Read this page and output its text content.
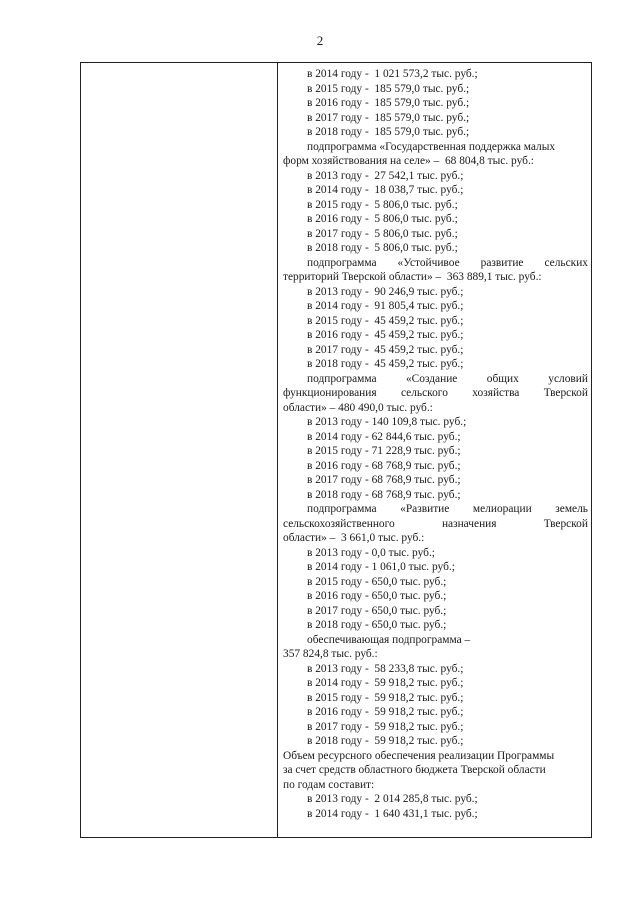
2
в 2014 году -  1 021 573,2 тыс. руб.;
в 2015 году -  185 579,0 тыс. руб.;
в 2016 году -  185 579,0 тыс. руб.;
в 2017 году -  185 579,0 тыс. руб.;
в 2018 году -  185 579,0 тыс. руб.;
подпрограмма «Государственная поддержка малых
форм хозяйствования на селе» –  68 804,8 тыс. руб.:
в 2013 году -  27 542,1 тыс. руб.;
в 2014 году -  18 038,7 тыс. руб.;
в 2015 году -  5 806,0 тыс. руб.;
в 2016 году -  5 806,0 тыс. руб.;
в 2017 году -  5 806,0 тыс. руб.;
в 2018 году -  5 806,0 тыс. руб.;
подпрограмма «Устойчивое развитие сельских
территорий Тверской области» –  363 889,1 тыс. руб.:
в 2013 году -  90 246,9 тыс. руб.;
в 2014 году -  91 805,4 тыс. руб.;
в 2015 году -  45 459,2 тыс. руб.;
в 2016 году -  45 459,2 тыс. руб.;
в 2017 году -  45 459,2 тыс. руб.;
в 2018 году -  45 459,2 тыс. руб.;
подпрограмма	«Создание	общих	условий
функционирования сельского хозяйства Тверской
области» – 480 490,0 тыс. руб.:
в 2013 году - 140 109,8 тыс. руб.;
в 2014 году - 62 844,6 тыс. руб.;
в 2015 году - 71 228,9 тыс. руб.;
в 2016 году - 68 768,9 тыс. руб.;
в 2017 году - 68 768,9 тыс. руб.;
в 2018 году - 68 768,9 тыс. руб.;
подпрограмма «Развитие мелиорации земель
сельскохозяйственного	назначения	Тверской
области» –  3 661,0 тыс. руб.:
в 2013 году - 0,0 тыс. руб.;
в 2014 году - 1 061,0 тыс. руб.;
в 2015 году - 650,0 тыс. руб.;
в 2016 году - 650,0 тыс. руб.;
в 2017 году - 650,0 тыс. руб.;
в 2018 году - 650,0 тыс. руб.;
обеспечивающая подпрограмма –
357 824,8 тыс. руб.:
в 2013 году -  58 233,8 тыс. руб.;
в 2014 году -  59 918,2 тыс. руб.;
в 2015 году -  59 918,2 тыс. руб.;
в 2016 году -  59 918,2 тыс. руб.;
в 2017 году -  59 918,2 тыс. руб.;
в 2018 году -  59 918,2 тыс. руб.;
Объем ресурсного обеспечения реализации Программы
за счет средств областного бюджета Тверской области
по годам составит:
в 2013 году -  2 014 285,8 тыс. руб.;
в 2014 году -  1 640 431,1 тыс. руб.;
